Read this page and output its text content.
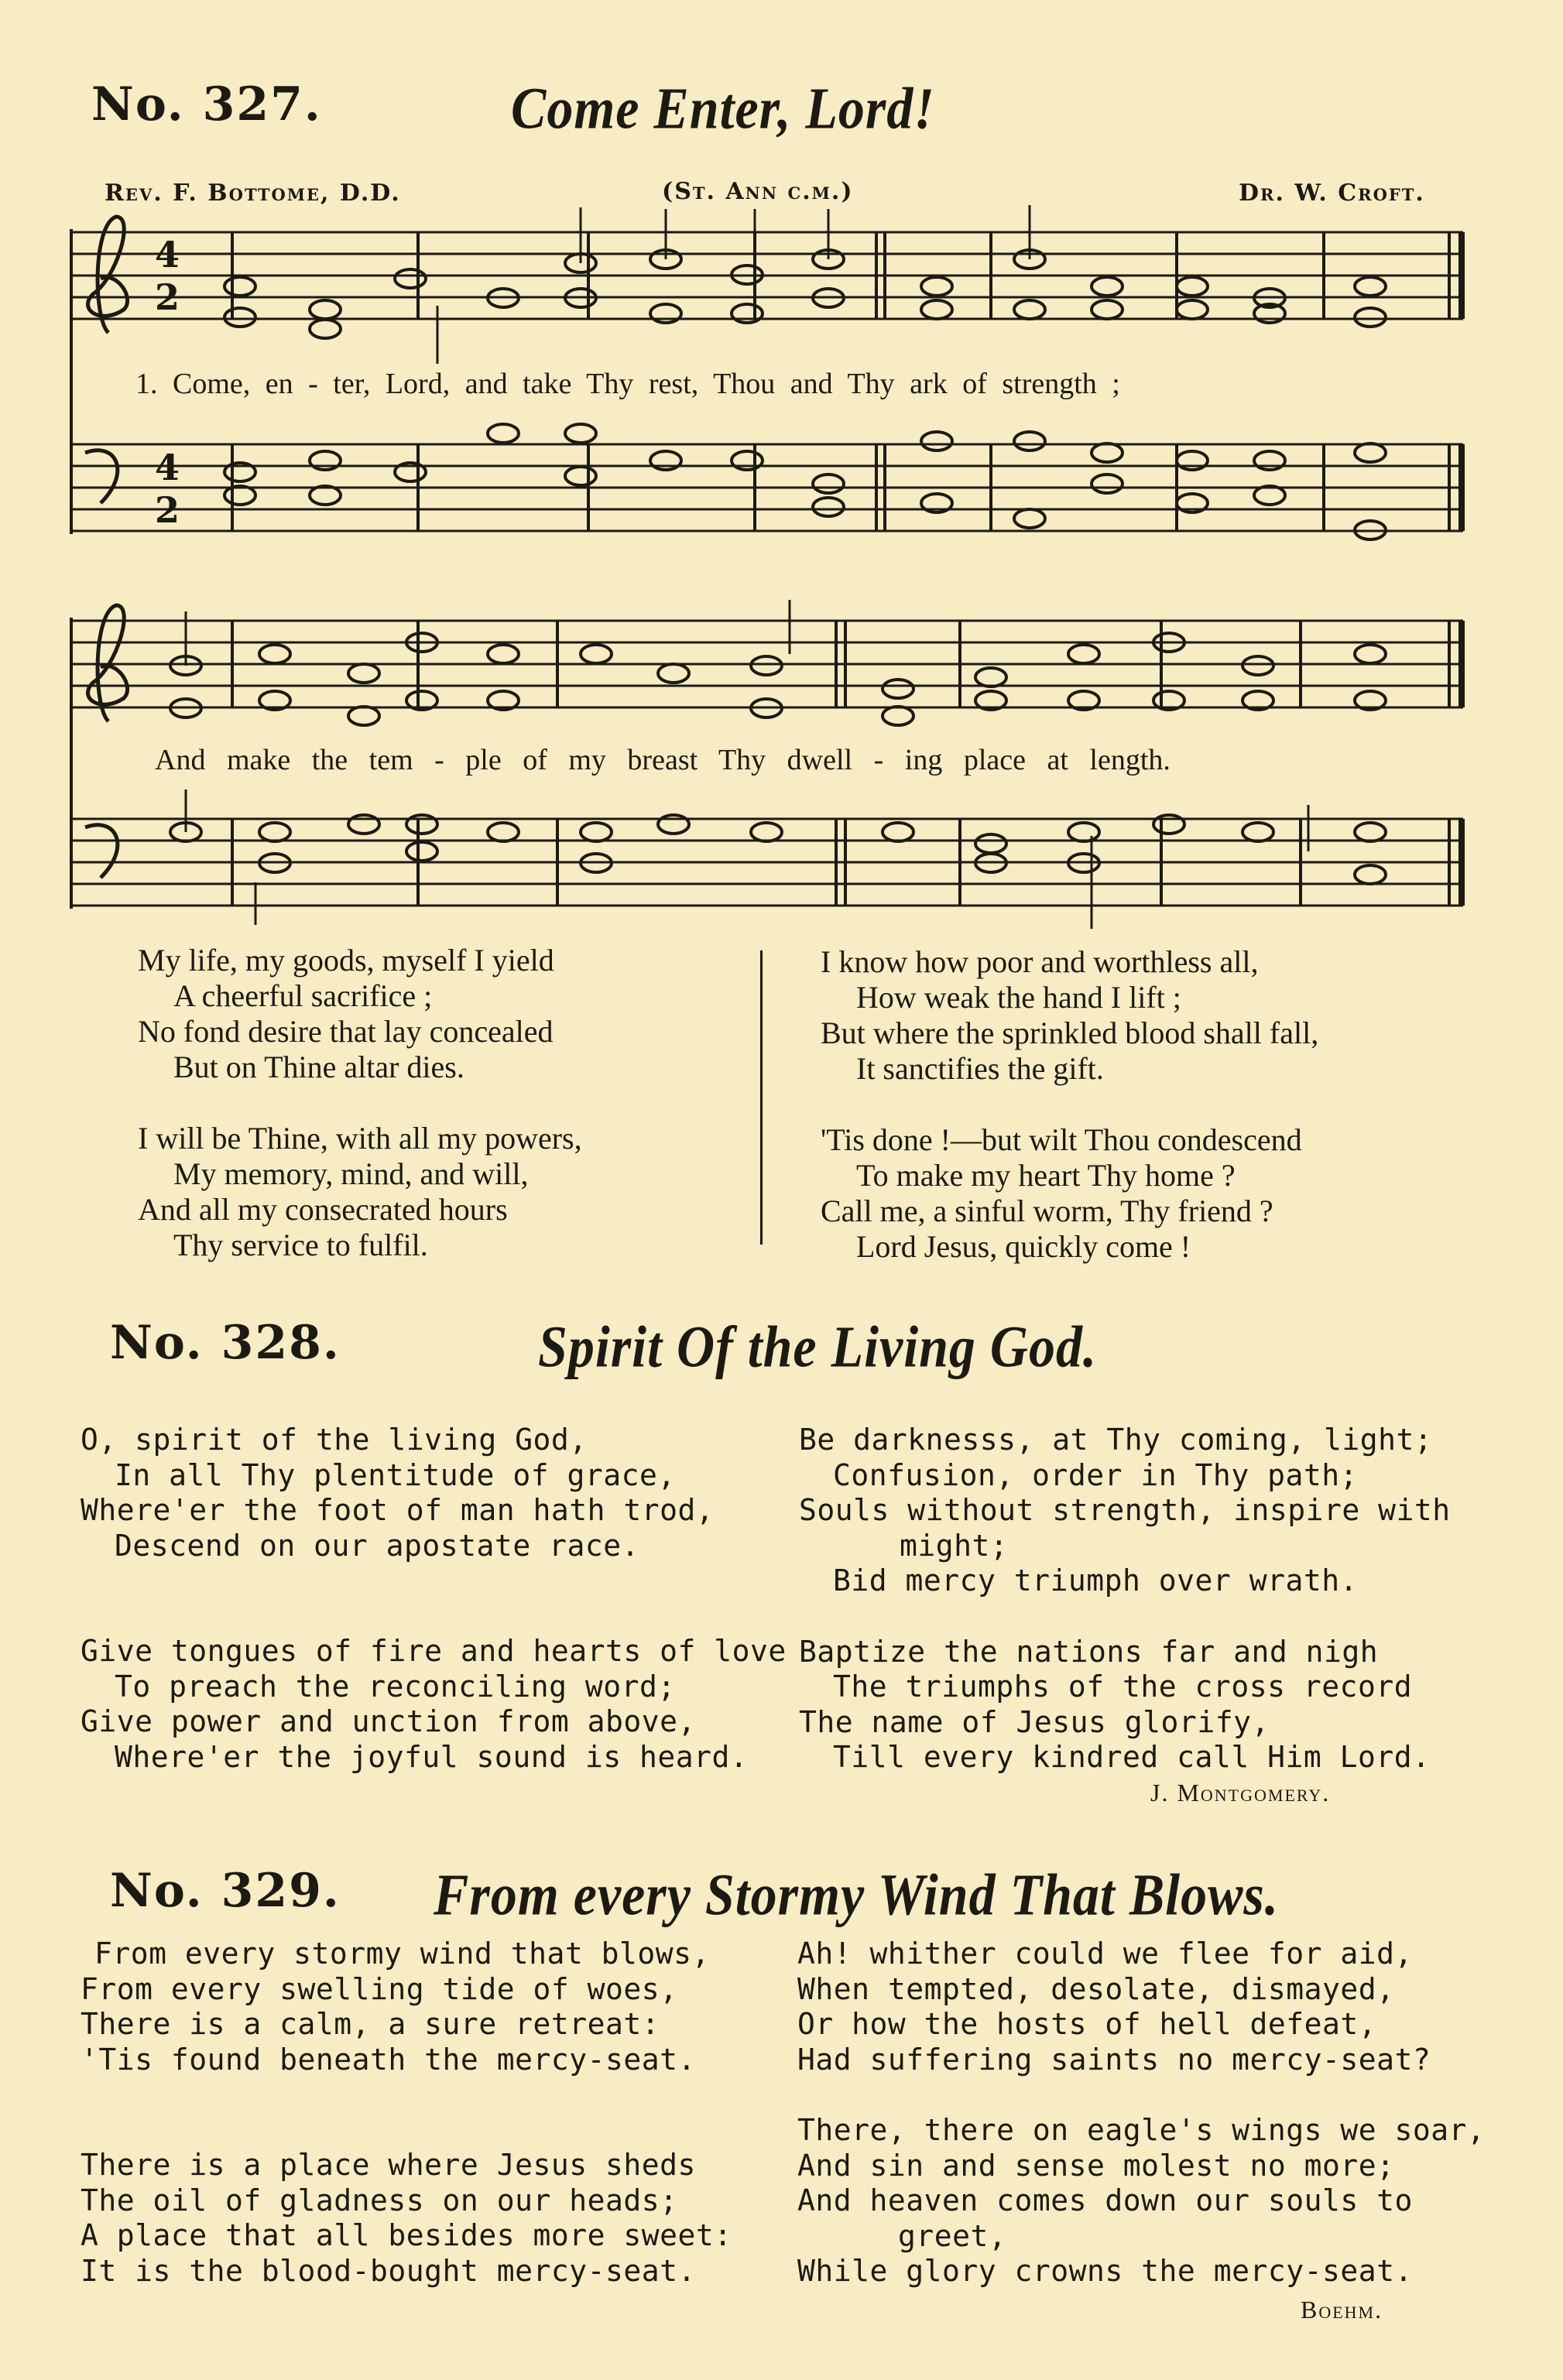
No. 327.	Come Enter, Lord!
Rev. F. Bottome, D.D.	(St. Ann c.m.)	Dr. W. Croft.
4
2
4
2
1. Come, en - ter, Lord, and take Thy rest, Thou and Thy ark of strength ;
And make the tem - ple of my breast Thy dwell - ing place at length.
My life, my goods, myself I yield
A cheerful sacrifice ;
No fond desire that lay concealed
But on Thine altar dies.
I will be Thine, with all my powers,
My memory, mind, and will,
And all my consecrated hours
Thy service to fulfil.
I know how poor and worthless all,
How weak the hand I lift ;
But where the sprinkled blood shall fall,
It sanctifies the gift.
'Tis done !—but wilt Thou condescend
To make my heart Thy home ?
Call me, a sinful worm, Thy friend ?
Lord Jesus, quickly come !
No. 328.	Spirit Of the Living God.
O, spirit of the living God,
In all Thy plentitude of grace,
Where'er the foot of man hath trod,
Descend on our apostate race.
Give tongues of fire and hearts of love
To preach the reconciling word;
Give power and unction from above,
Where'er the joyful sound is heard.
Be darknesss, at Thy coming, light;
Confusion, order in Thy path;
Souls without strength, inspire with
might;
Bid mercy triumph over wrath.
Baptize the nations far and nigh
The triumphs of the cross record
The name of Jesus glorify,
Till every kindred call Him Lord.
J. Montgomery.
No. 329. From every Stormy Wind That Blows.
From every stormy wind that blows,
From every swelling tide of woes,
There is a calm, a sure retreat:
'Tis found beneath the mercy-seat.
There is a place where Jesus sheds
The oil of gladness on our heads;
A place that all besides more sweet:
It is the blood-bought mercy-seat.
Ah! whither could we flee for aid,
When tempted, desolate, dismayed,
Or how the hosts of hell defeat,
Had suffering saints no mercy-seat?
There, there on eagle's wings we soar,
And sin and sense molest no more;
And heaven comes down our souls to
greet,
While glory crowns the mercy-seat.
Boehm.
